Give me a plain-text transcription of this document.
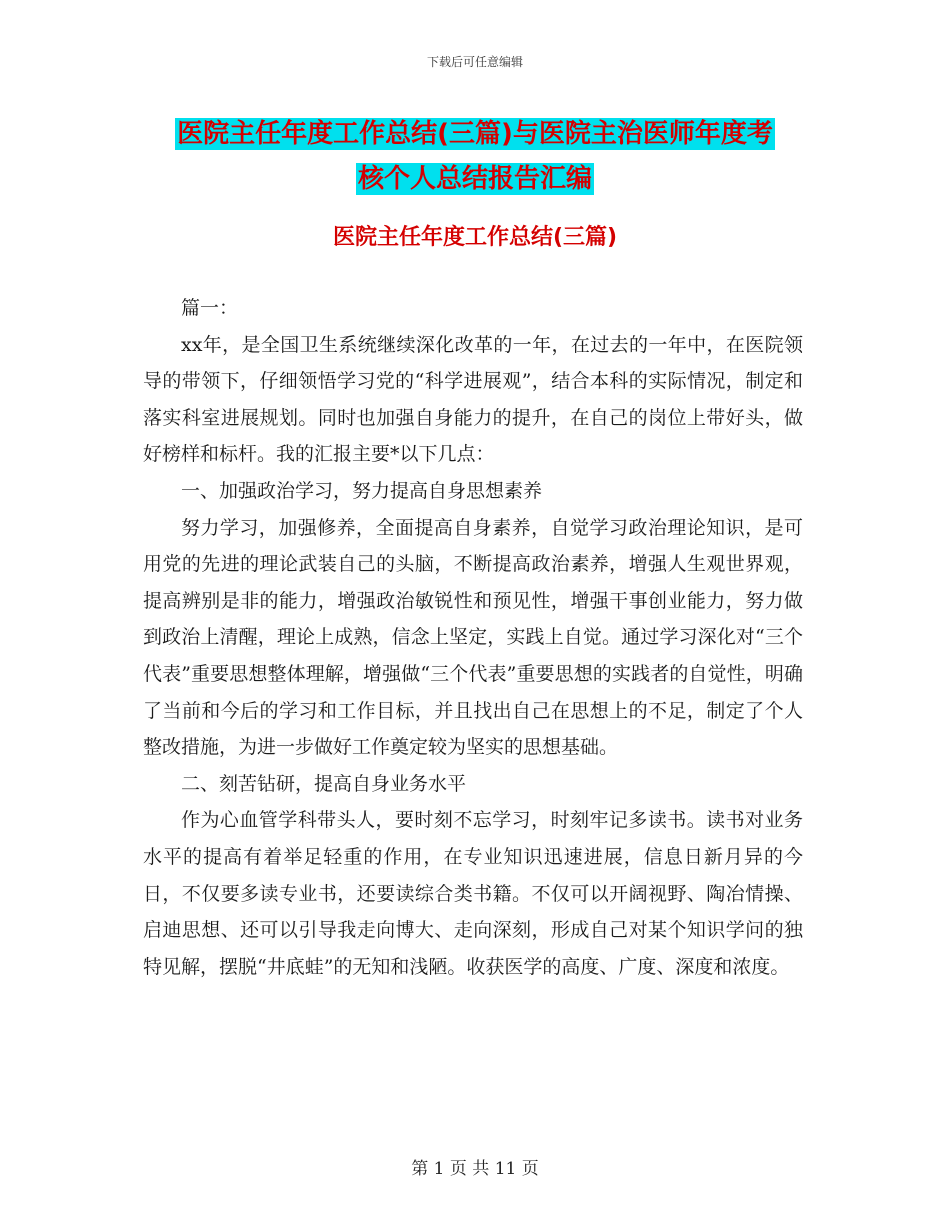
下载后可任意编辑
医院主任年度工作总结(三篇)与医院主治医师年度考
核个人总结报告汇编
医院主任年度工作总结(三篇)

篇一：

xx年，是全国卫生系统继续深化改革的一年，在过去的一年中，在医院领导的带领下，仔细领悟学习党的“科学进展观”，结合本科的实际情况，制定和落实科室进展规划。同时也加强自身能力的提升，在自己的岗位上带好头，做好榜样和标杆。我的汇报主要*以下几点：

一、加强政治学习，努力提高自身思想素养

努力学习，加强修养，全面提高自身素养，自觉学习政治理论知识，是可用党的先进的理论武装自己的头脑，不断提高政治素养，增强人生观世界观，提高辨别是非的能力，增强政治敏锐性和预见性，增强干事创业能力，努力做到政治上清醒，理论上成熟，信念上坚定，实践上自觉。通过学习深化对“三个代表”重要思想整体理解，增强做“三个代表”重要思想的实践者的自觉性，明确了当前和今后的学习和工作目标，并且找出自己在思想上的不足，制定了个人整改措施，为进一步做好工作奠定较为坚实的思想基础。

二、刻苦钻研，提高自身业务水平

作为心血管学科带头人，要时刻不忘学习，时刻牢记多读书。读书对业务水平的提高有着举足轻重的作用，在专业知识迅速进展，信息日新月异的今日，不仅要多读专业书，还要读综合类书籍。不仅可以开阔视野、陶冶情操、启迪思想、还可以引导我走向博大、走向深刻，形成自己对某个知识学问的独特见解，摆脱“井底蛙”的无知和浅陋。收获医学的高度、广度、深度和浓度。

第 1 页 共 11 页
